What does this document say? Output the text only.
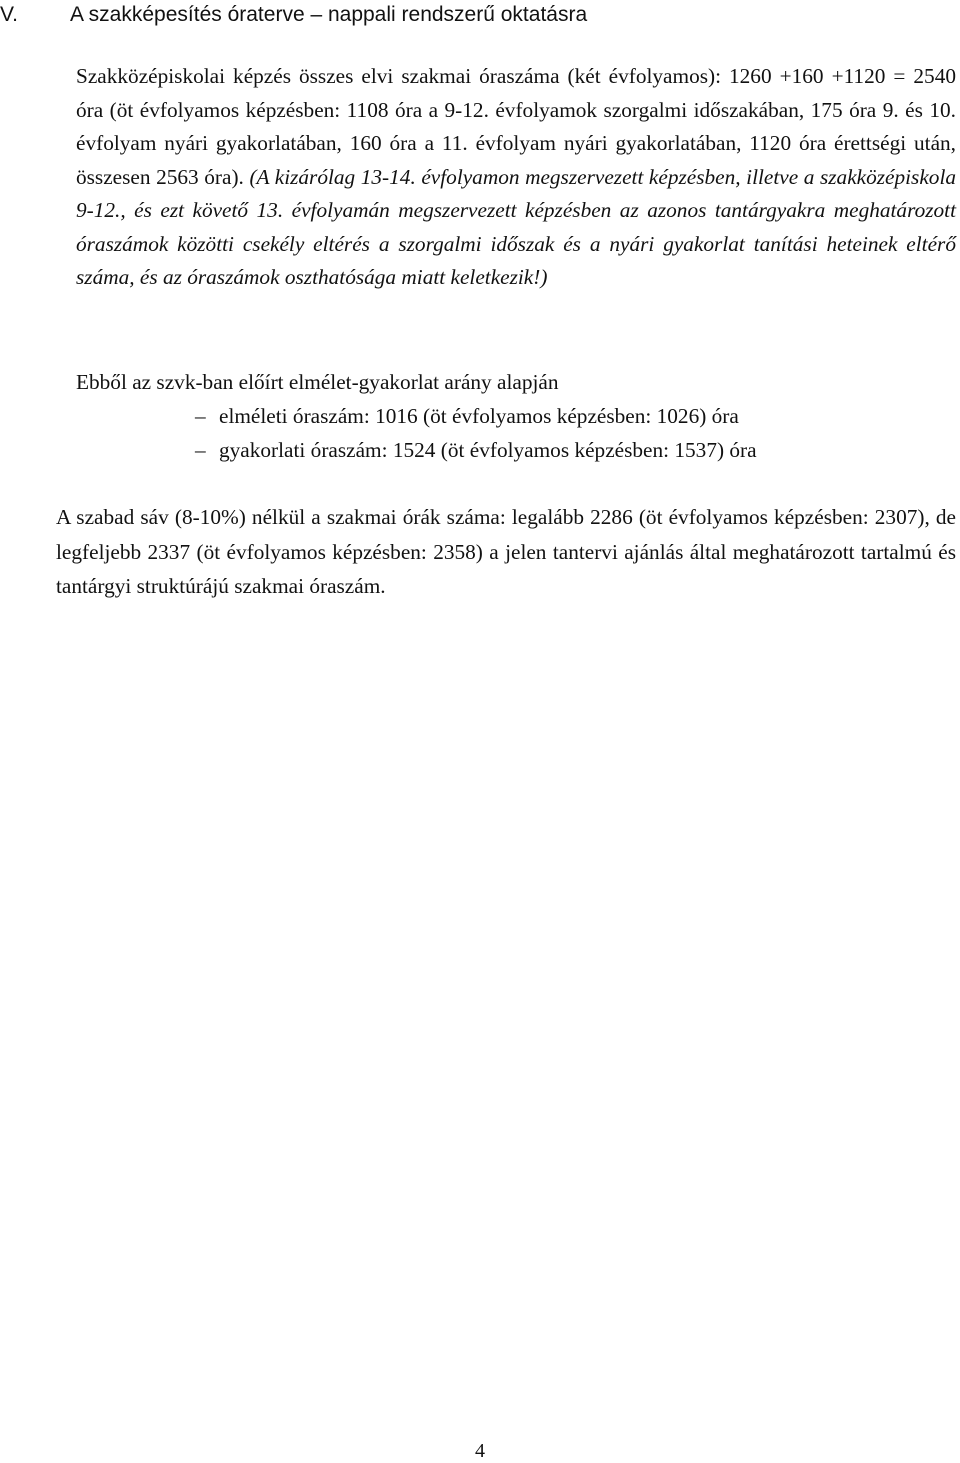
V. A szakképesítés óraterve – nappali rendszerű oktatásra

Szakközépiskolai képzés összes elvi szakmai óraszáma (két évfolyamos): 1260 +160 +1120 = 2540 óra (öt évfolyamos képzésben: 1108 óra a 9-12. évfolyamok szorgalmi időszakában, 175 óra 9. és 10. évfolyam nyári gyakorlatában, 160 óra a 11. évfolyam nyári gyakorlatában, 1120 óra érettségi után, összesen 2563 óra). (A kizárólag 13-14. évfolyamon megszervezett képzésben, illetve a szakközépiskola 9-12., és ezt követő 13. évfolyamán megszervezett képzésben az azonos tantárgyakra meghatározott óraszámok közötti csekély eltérés a szorgalmi időszak és a nyári gyakorlat tanítási heteinek eltérő száma, és az óraszámok oszthatósága miatt keletkezik!)

Ebből az szvk-ban előírt elmélet-gyakorlat arány alapján
– elméleti óraszám: 1016 (öt évfolyamos képzésben: 1026) óra
– gyakorlati óraszám: 1524 (öt évfolyamos képzésben: 1537) óra

A szabad sáv (8-10%) nélkül a szakmai órák száma: legalább 2286 (öt évfolyamos képzésben: 2307), de legfeljebb 2337 (öt évfolyamos képzésben: 2358) a jelen tantervi ajánlás által meghatározott tartalmú és tantárgyi struktúrájú szakmai óraszám.

4
